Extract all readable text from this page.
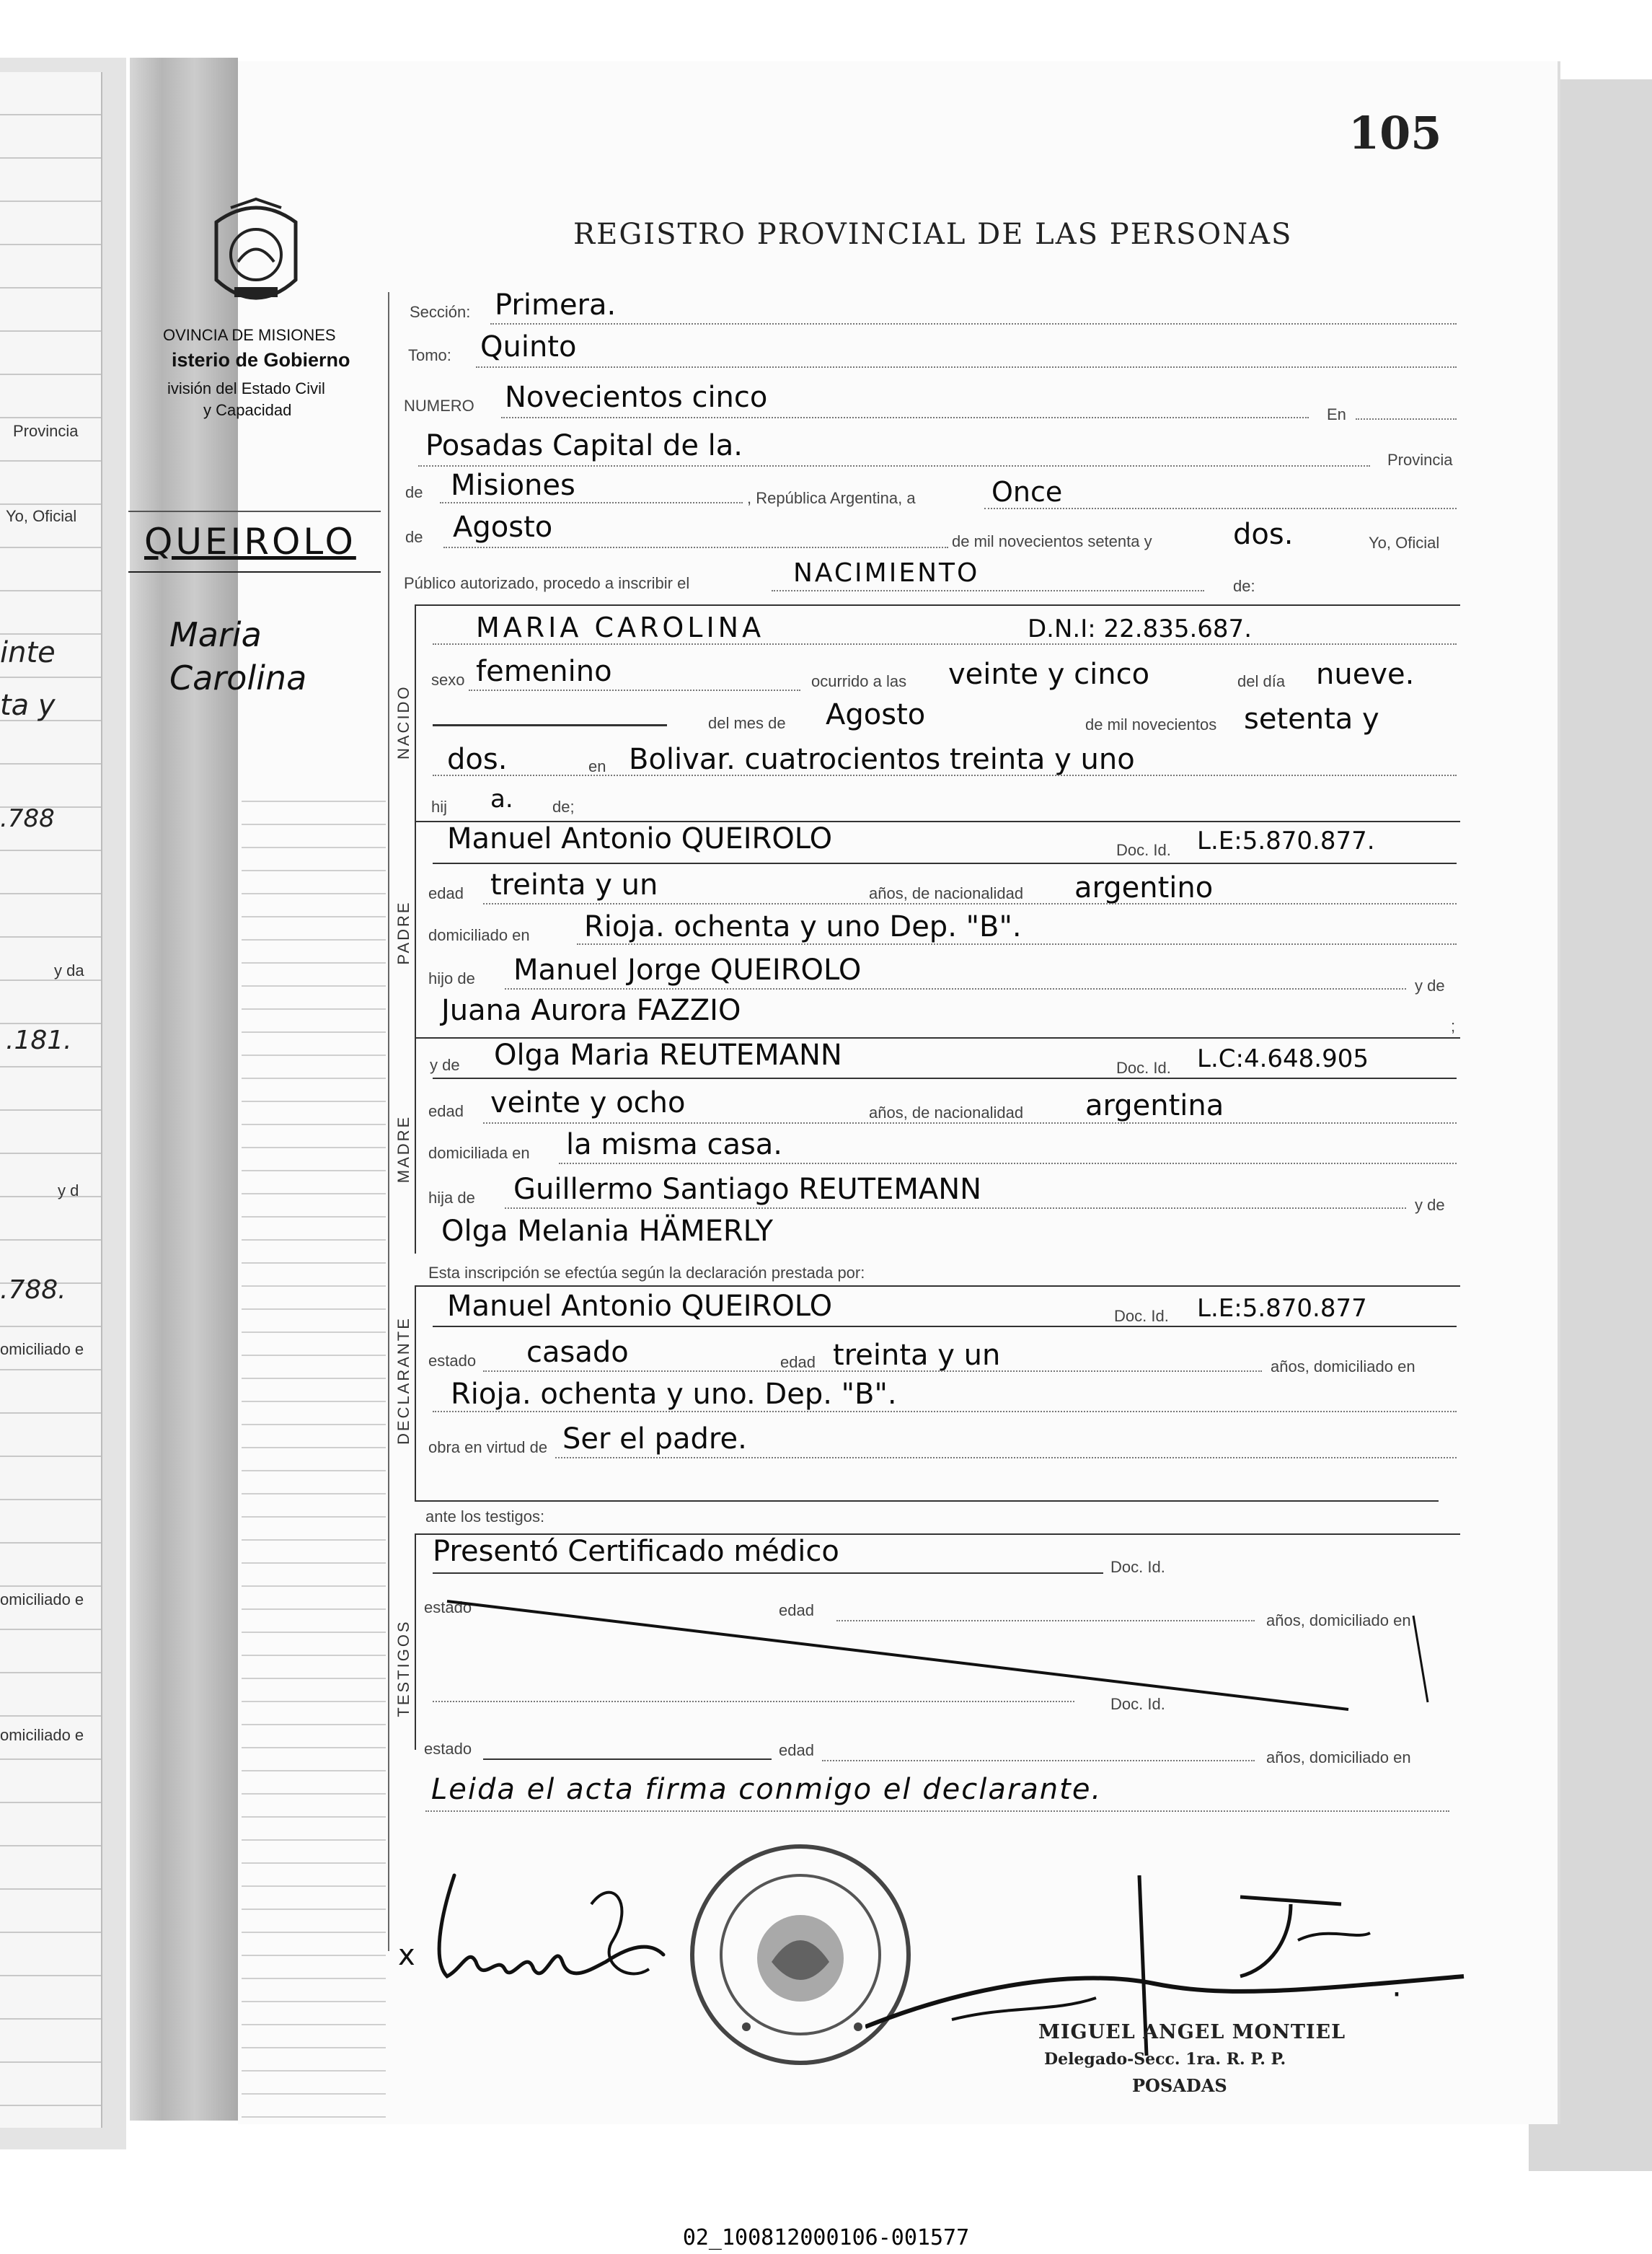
Provincia
Yo, Oficial
inte
ta y
.788
y da
.181.
y d
.788.
omiciliado e
omiciliado e
omiciliado e
105
REGISTRO PROVINCIAL DE LAS PERSONAS
OVINCIA DE MISIONES
isterio de Gobierno
ivisión del Estado Civil
y Capacidad
QUEIROLO
Maria
Carolina
Sección: Primera.
Tomo: Quinto
NUMERO Novecientos cinco
En
Posadas Capital de la.	Provincia
de Misiones	, República Argentina, a	Once
de Agosto	de mil novecientos setenta y	dos.	Yo, Oficial
Público autorizado, procedo a inscribir el	NACIMIENTO	de:
NACIDO
MARIA CAROLINA	D.N.I: 22.835.687.
sexo femenino	ocurrido a las veinte y cinco	del día nueve.
del mes de Agosto	de mil novecientos setenta y
dos.	en Bolivar. cuatrocientos treinta y uno
hij a. de;
PADRE
Manuel Antonio QUEIROLO	Doc. Id. L.E:5.870.877.
edad treinta y un	años, de nacionalidad argentino
domiciliado en Rioja. ochenta y uno Dep. "B".
hijo de Manuel Jorge QUEIROLO	y de
Juana Aurora FAZZIO	;
MADRE
y de Olga Maria REUTEMANN	Doc. Id. L.C:4.648.905
edad veinte y ocho	años, de nacionalidad argentina
domiciliada en la misma casa.
hija de Guillermo Santiago REUTEMANN	y de
Olga Melania HÄMERLY
Esta inscripción se efectúa según la declaración prestada por:
DECLARANTE
Manuel Antonio QUEIROLO	Doc. Id. L.E:5.870.877
estado casado	edad treinta y un	años, domiciliado en
Rioja. ochenta y uno. Dep. "B".
obra en virtud de Ser el padre.
ante los testigos:
TESTIGOS
Presentó Certificado médico	Doc. Id.
estado	edad
años, domiciliado en
Doc. Id.
estado	edad	años, domiciliado en
Leida el acta firma conmigo el declarante.
x
·
MIGUEL ANGEL MONTIEL
Delegado-Secc. 1ra. R. P. P.
POSADAS
02_100812000106-001577
